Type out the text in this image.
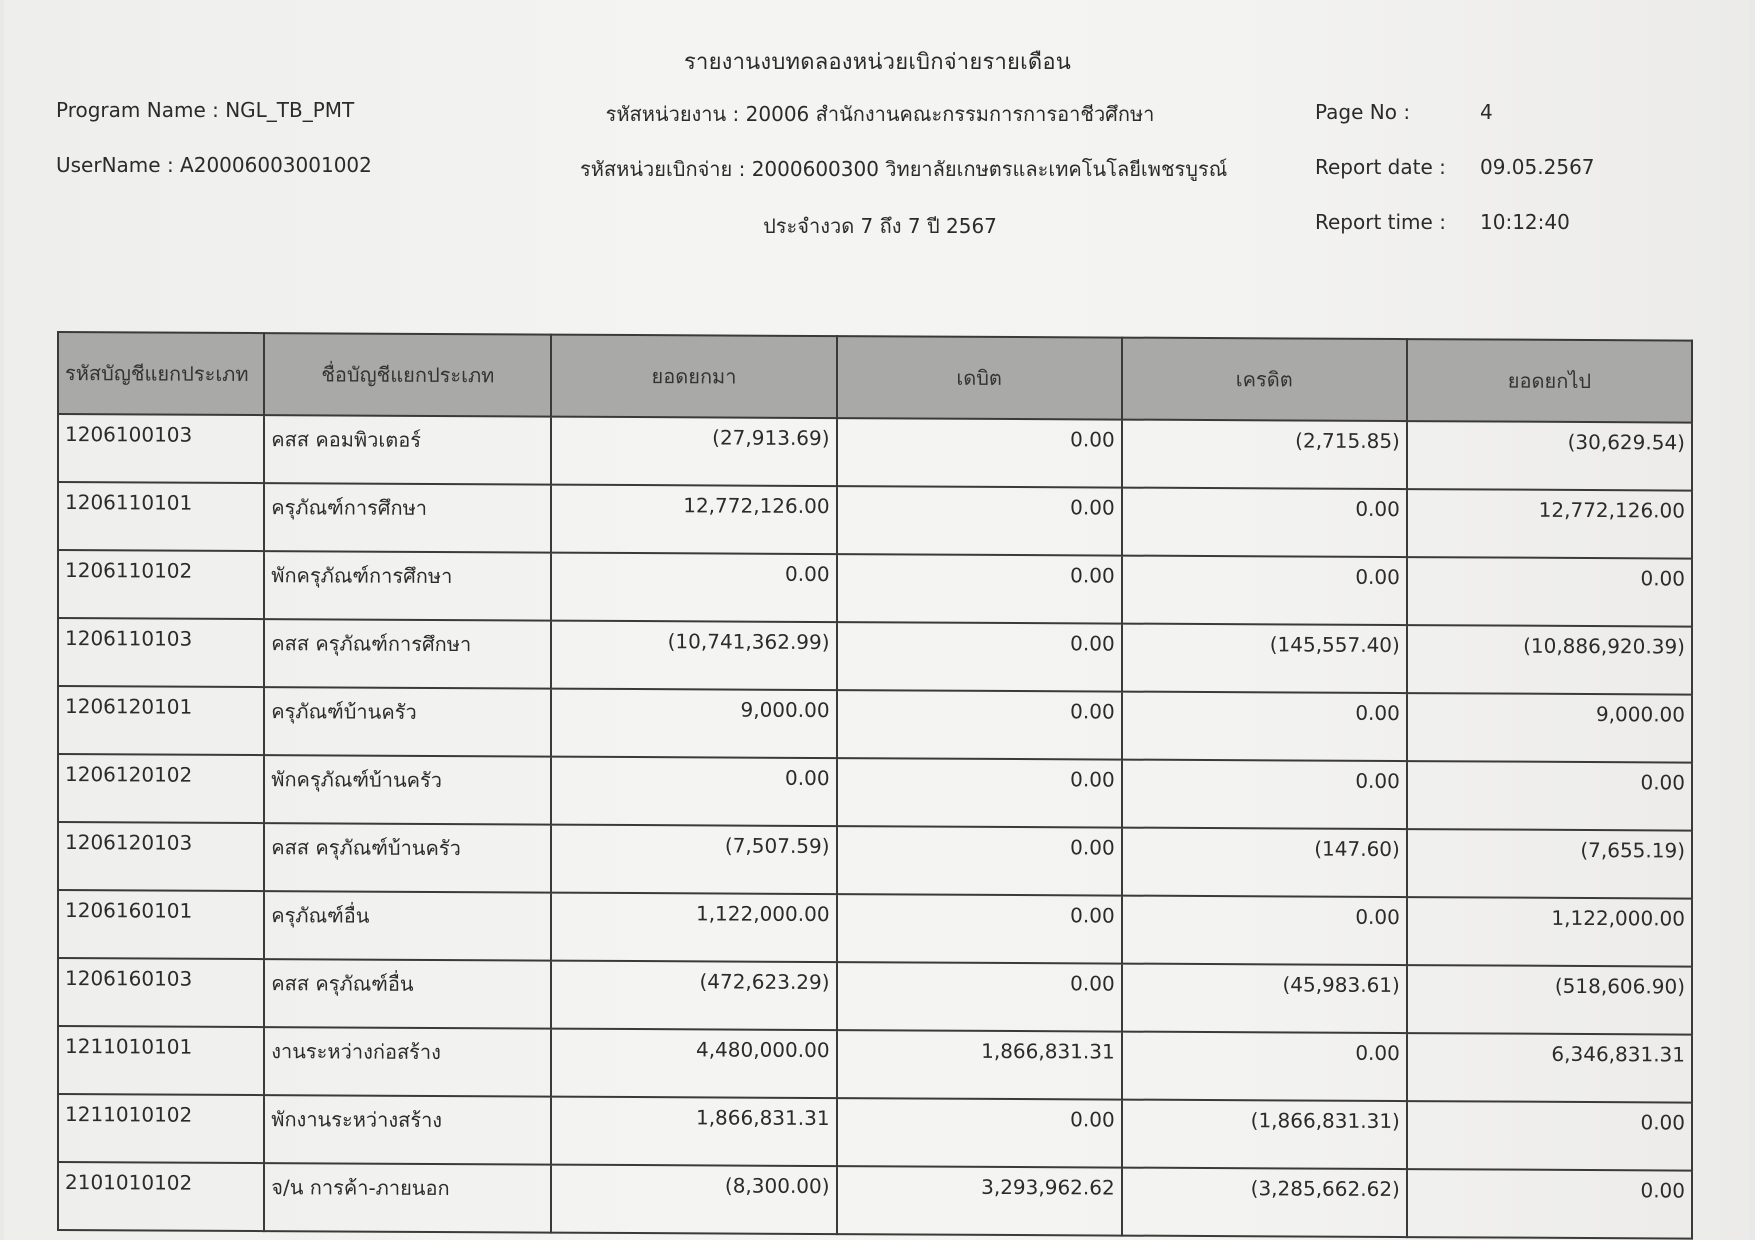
รายงานงบทดลองหน่วยเบิกจ่ายรายเดือน
Program Name : NGL_TB_PMT
UserName : A20006003001002
รหัสหน่วยงาน : 20006 สำนักงานคณะกรรมการการอาชีวศึกษา
รหัสหน่วยเบิกจ่าย : 2000600300 วิทยาลัยเกษตรและเทคโนโลยีเพชรบูรณ์
ประจำงวด 7 ถึง 7 ปี 2567
Page No :	4
Report date : 09.05.2567
Report time : 10:12:40
รหัสบัญชีแยกประเภท	ชื่อบัญชีแยกประเภท	ยอดยกมา	เดบิต	เครดิต	ยอดยกไป
1206100103	คสส คอมพิวเตอร์	(27,913.69)	0.00	(2,715.85)	(30,629.54)
1206110101	ครุภัณฑ์การศึกษา	12,772,126.00	0.00	0.00	12,772,126.00
1206110102	พักครุภัณฑ์การศึกษา	0.00	0.00	0.00	0.00
1206110103	คสส ครุภัณฑ์การศึกษา	(10,741,362.99)	0.00	(145,557.40)	(10,886,920.39)
1206120101	ครุภัณฑ์บ้านครัว	9,000.00	0.00	0.00	9,000.00
1206120102	พักครุภัณฑ์บ้านครัว	0.00	0.00	0.00	0.00
1206120103	คสส ครุภัณฑ์บ้านครัว	(7,507.59)	0.00	(147.60)	(7,655.19)
1206160101	ครุภัณฑ์อื่น	1,122,000.00	0.00	0.00	1,122,000.00
1206160103	คสส ครุภัณฑ์อื่น	(472,623.29)	0.00	(45,983.61)	(518,606.90)
1211010101	งานระหว่างก่อสร้าง	4,480,000.00	1,866,831.31	0.00	6,346,831.31
1211010102	พักงานระหว่างสร้าง	1,866,831.31	0.00	(1,866,831.31)	0.00
2101010102	จ/น การค้า-ภายนอก	(8,300.00)	3,293,962.62	(3,285,662.62)	0.00
